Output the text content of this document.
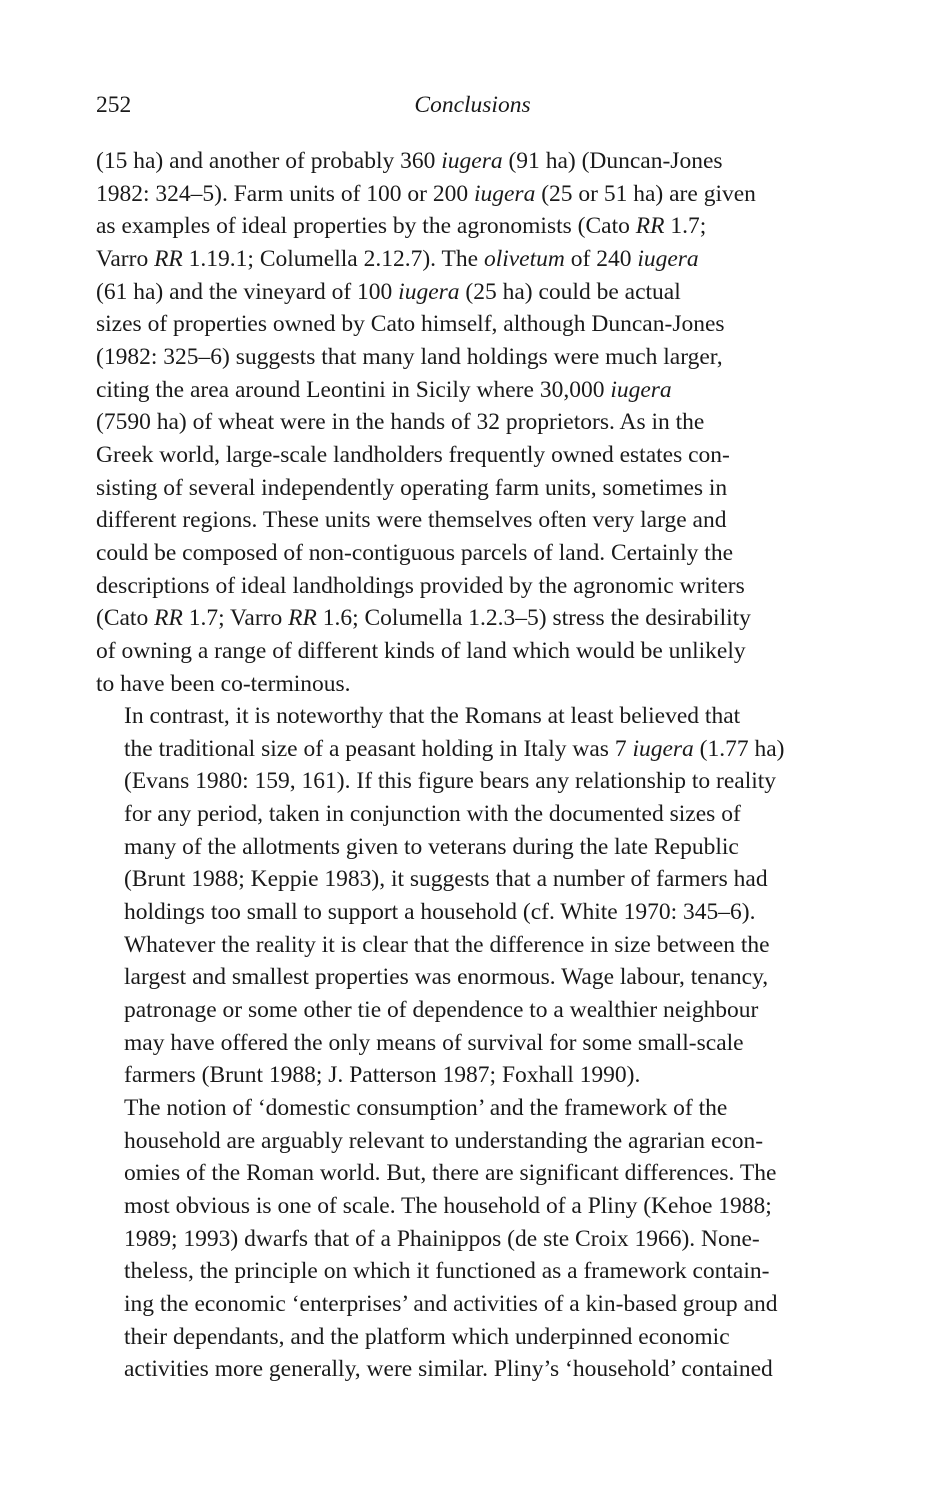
252	Conclusions

(15 ha) and another of probably 360 iugera (91 ha) (Duncan-Jones
1982: 324–5). Farm units of 100 or 200 iugera (25 or 51 ha) are given
as examples of ideal properties by the agronomists (Cato RR 1.7;
Varro RR 1.19.1; Columella 2.12.7). The olivetum of 240 iugera
(61 ha) and the vineyard of 100 iugera (25 ha) could be actual
sizes of properties owned by Cato himself, although Duncan-Jones
(1982: 325–6) suggests that many land holdings were much larger,
citing the area around Leontini in Sicily where 30,000 iugera
(7590 ha) of wheat were in the hands of 32 proprietors. As in the
Greek world, large-scale landholders frequently owned estates con-
sisting of several independently operating farm units, sometimes in
different regions. These units were themselves often very large and
could be composed of non-contiguous parcels of land. Certainly the
descriptions of ideal landholdings provided by the agronomic writers
(Cato RR 1.7; Varro RR 1.6; Columella 1.2.3–5) stress the desirability
of owning a range of different kinds of land which would be unlikely
to have been co-terminous.

In contrast, it is noteworthy that the Romans at least believed that
the traditional size of a peasant holding in Italy was 7 iugera (1.77 ha)
(Evans 1980: 159, 161). If this figure bears any relationship to reality
for any period, taken in conjunction with the documented sizes of
many of the allotments given to veterans during the late Republic
(Brunt 1988; Keppie 1983), it suggests that a number of farmers had
holdings too small to support a household (cf. White 1970: 345–6).
Whatever the reality it is clear that the difference in size between the
largest and smallest properties was enormous. Wage labour, tenancy,
patronage or some other tie of dependence to a wealthier neighbour
may have offered the only means of survival for some small-scale
farmers (Brunt 1988; J. Patterson 1987; Foxhall 1990).

The notion of ‘domestic consumption’ and the framework of the
household are arguably relevant to understanding the agrarian econ-
omies of the Roman world. But, there are significant differences. The
most obvious is one of scale. The household of a Pliny (Kehoe 1988;
1989; 1993) dwarfs that of a Phainippos (de ste Croix 1966). None-
theless, the principle on which it functioned as a framework contain-
ing the economic ‘enterprises’ and activities of a kin-based group and
their dependants, and the platform which underpinned economic
activities more generally, were similar. Pliny’s ‘household’ contained
